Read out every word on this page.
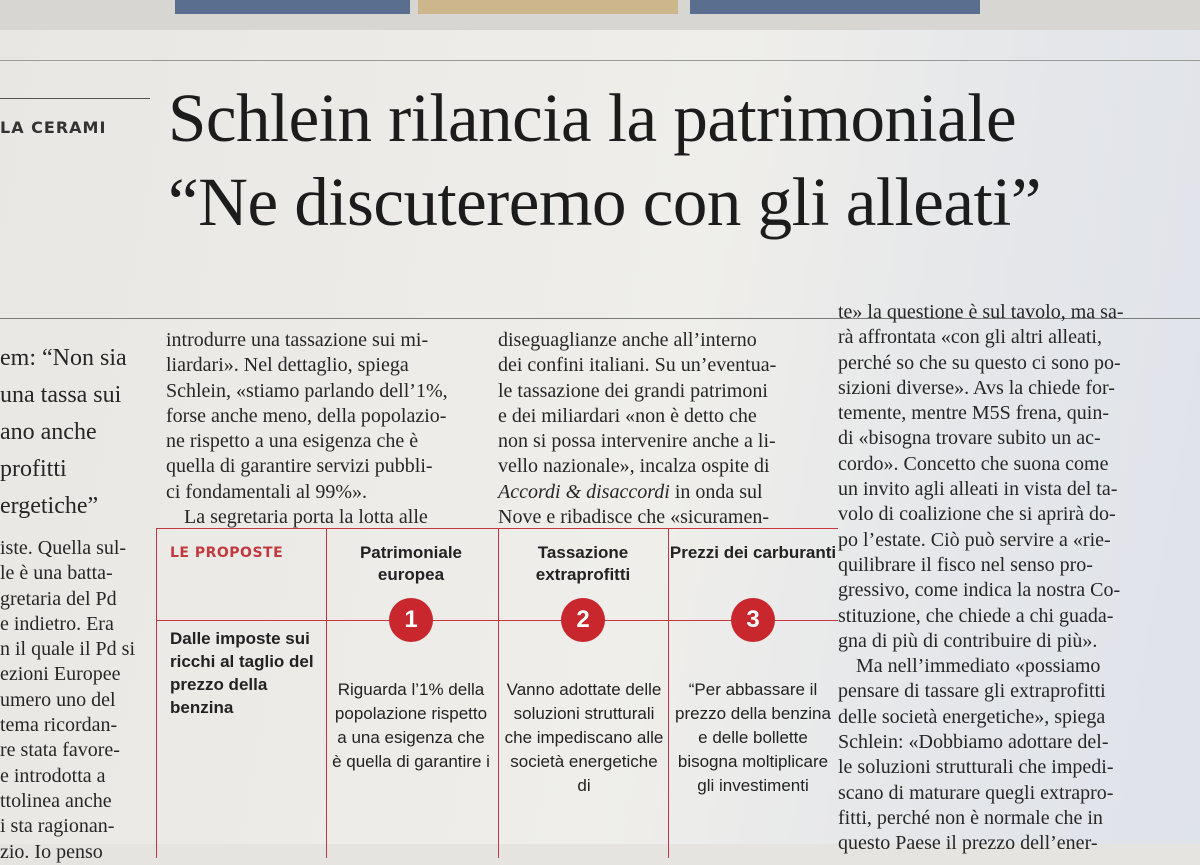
LA CERAMI Schlein rilancia la patrimoniale
“Ne discuteremo con gli alleati”
em: “Non sia
una tassa sui
ano anche
profitti
ergetiche”
iste. Quella sul-
le è una batta-
gretaria del Pd
e indietro. Era
n il quale il Pd si
ezioni Europee
umero uno del
tema ricordan-
re stata favore-
e introdotta a
ttolinea anche
i sta ragionan-
zio. Io penso
introdurre una tassazione sui mi-
liardari». Nel dettaglio, spiega
Schlein, «stiamo parlando dell’1%,
forse anche meno, della popolazio-
ne rispetto a una esigenza che è
quella di garantire servizi pubbli-
ci fondamentali al 99%».
La segretaria porta la lotta alle
diseguaglianze anche all’interno
dei confini italiani. Su un’eventua-
le tassazione dei grandi patrimoni
e dei miliardari «non è detto che
non si possa intervenire anche a li-
vello nazionale», incalza ospite di
Accordi & disaccordi in onda sul
Nove e ribadisce che «sicuramen-
te» la questione è sul tavolo, ma sa-
rà affrontata «con gli altri alleati,
perché so che su questo ci sono po-
sizioni diverse». Avs la chiede for-
temente, mentre M5S frena, quin-
di «bisogna trovare subito un ac-
cordo». Concetto che suona come
un invito agli alleati in vista del ta-
volo di coalizione che si aprirà do-
po l’estate. Ciò può servire a «rie-
quilibrare il fisco nel senso pro-
gressivo, come indica la nostra Co-
stituzione, che chiede a chi guada-
gna di più di contribuire di più».
Ma nell’immediato «possiamo
pensare di tassare gli extraprofitti
delle società energetiche», spiega
Schlein: «Dobbiamo adottare del-
le soluzioni strutturali che impedi-
scano di maturare quegli extrapro-
fitti, perché non è normale che in
questo Paese il prezzo dell’ener-
LE PROPOSTE
Dalle imposte sui ricchi al taglio del prezzo della benzina
Patrimoniale europea
1
Riguarda l’1% della popolazione rispetto a una esigenza che è quella di garantire i
Tassazione extraprofitti
2
Vanno adottate delle soluzioni strutturali che impediscano alle società energetiche di
Prezzi dei carburanti
3
“Per abbassare il prezzo della benzina e delle bollette bisogna moltiplicare gli investimenti
